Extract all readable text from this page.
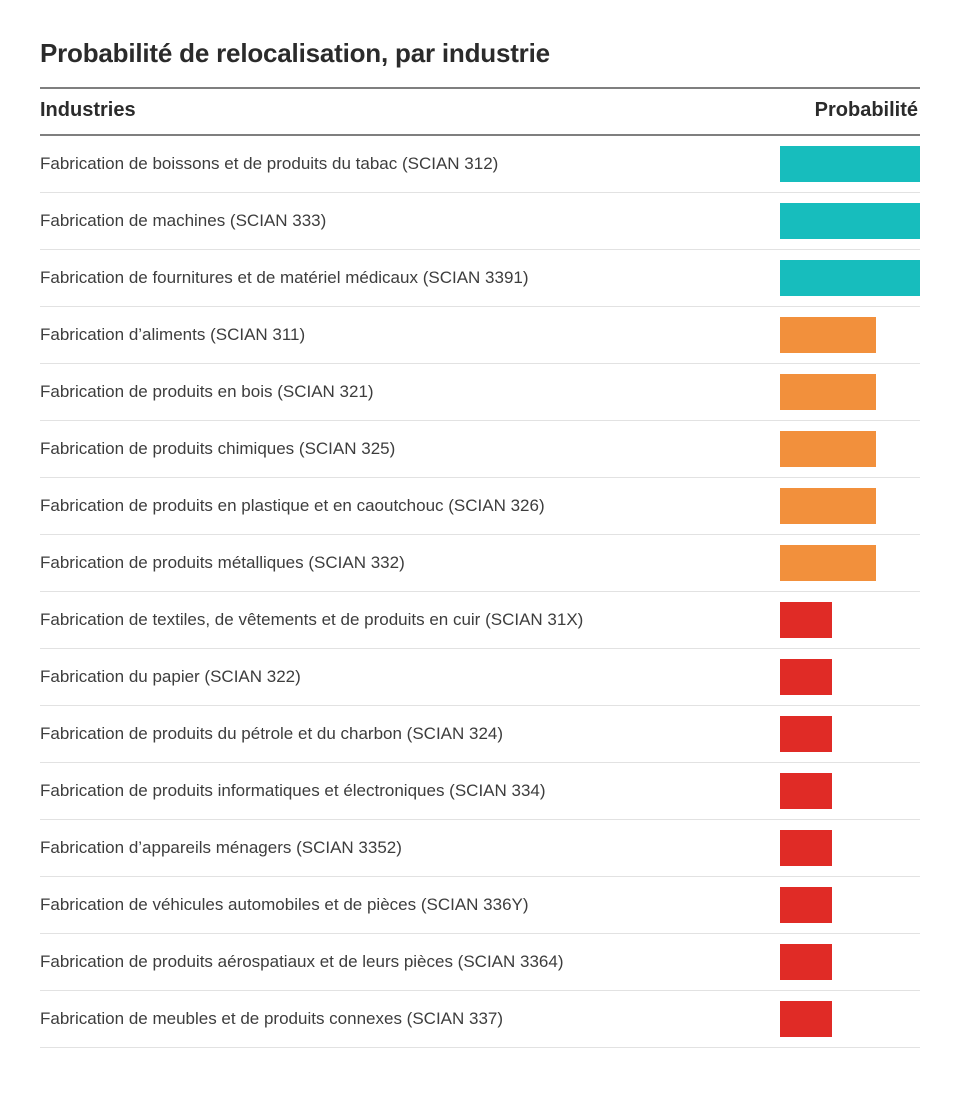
Probabilité de relocalisation, par industrie
Industries	Probabilité
Fabrication de boissons et de produits du tabac (SCIAN 312)	

Fabrication de machines (SCIAN 333)	

Fabrication de fournitures et de matériel médicaux (SCIAN 3391)	

Fabrication d’aliments (SCIAN 311)	

Fabrication de produits en bois (SCIAN 321)	

Fabrication de produits chimiques (SCIAN 325)	

Fabrication de produits en plastique et en caoutchouc (SCIAN 326)	

Fabrication de produits métalliques (SCIAN 332)	

Fabrication de textiles, de vêtements et de produits en cuir (SCIAN 31X)	

Fabrication du papier (SCIAN 322)	

Fabrication de produits du pétrole et du charbon (SCIAN 324)	

Fabrication de produits informatiques et électroniques (SCIAN 334)	

Fabrication d’appareils ménagers (SCIAN 3352)	

Fabrication de véhicules automobiles et de pièces (SCIAN 336Y)	

Fabrication de produits aérospatiaux et de leurs pièces (SCIAN 3364)	

Fabrication de meubles et de produits connexes (SCIAN 337)	
